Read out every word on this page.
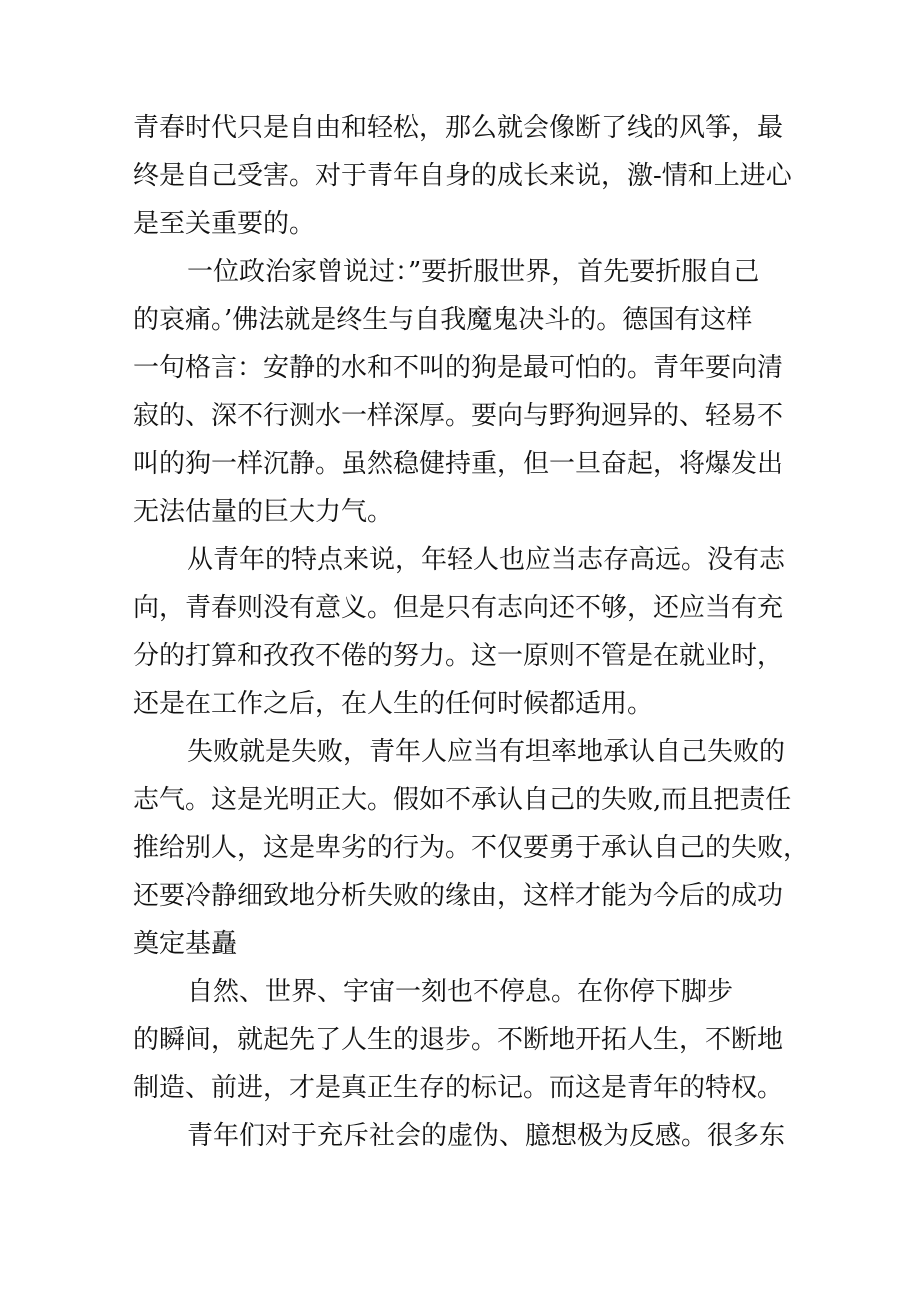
青春时代只是自由和轻松，那么就会像断了线的风筝，最
终是自己受害。对于青年自身的成长来说，激-情和上进心
是至关重要的。
一位政治家曾说过：”要折服世界，首先要折服自己
的哀痛。’佛法就是终生与自我魔鬼决斗的。德国有这样
一句格言：安静的水和不叫的狗是最可怕的。青年要向清
寂的、深不行测水一样深厚。要向与野狗迥异的、轻易不
叫的狗一样沉静。虽然稳健持重，但一旦奋起，将爆发出
无法估量的巨大力气。
从青年的特点来说，年轻人也应当志存高远。没有志
向，青春则没有意义。但是只有志向还不够，还应当有充
分的打算和孜孜不倦的努力。这一原则不管是在就业时，
还是在工作之后，在人生的任何时候都适用。
失败就是失败，青年人应当有坦率地承认自己失败的
志气。这是光明正大。假如不承认自己的失败,而且把责任
推给别人，这是卑劣的行为。不仅要勇于承认自己的失败，
还要冷静细致地分析失败的缘由，这样才能为今后的成功
奠定基矗
自然、世界、宇宙一刻也不停息。在你停下脚步
的瞬间，就起先了人生的退步。不断地开拓人生，不断地
制造、前进，才是真正生存的标记。而这是青年的特权。
青年们对于充斥社会的虚伪、臆想极为反感。很多东
